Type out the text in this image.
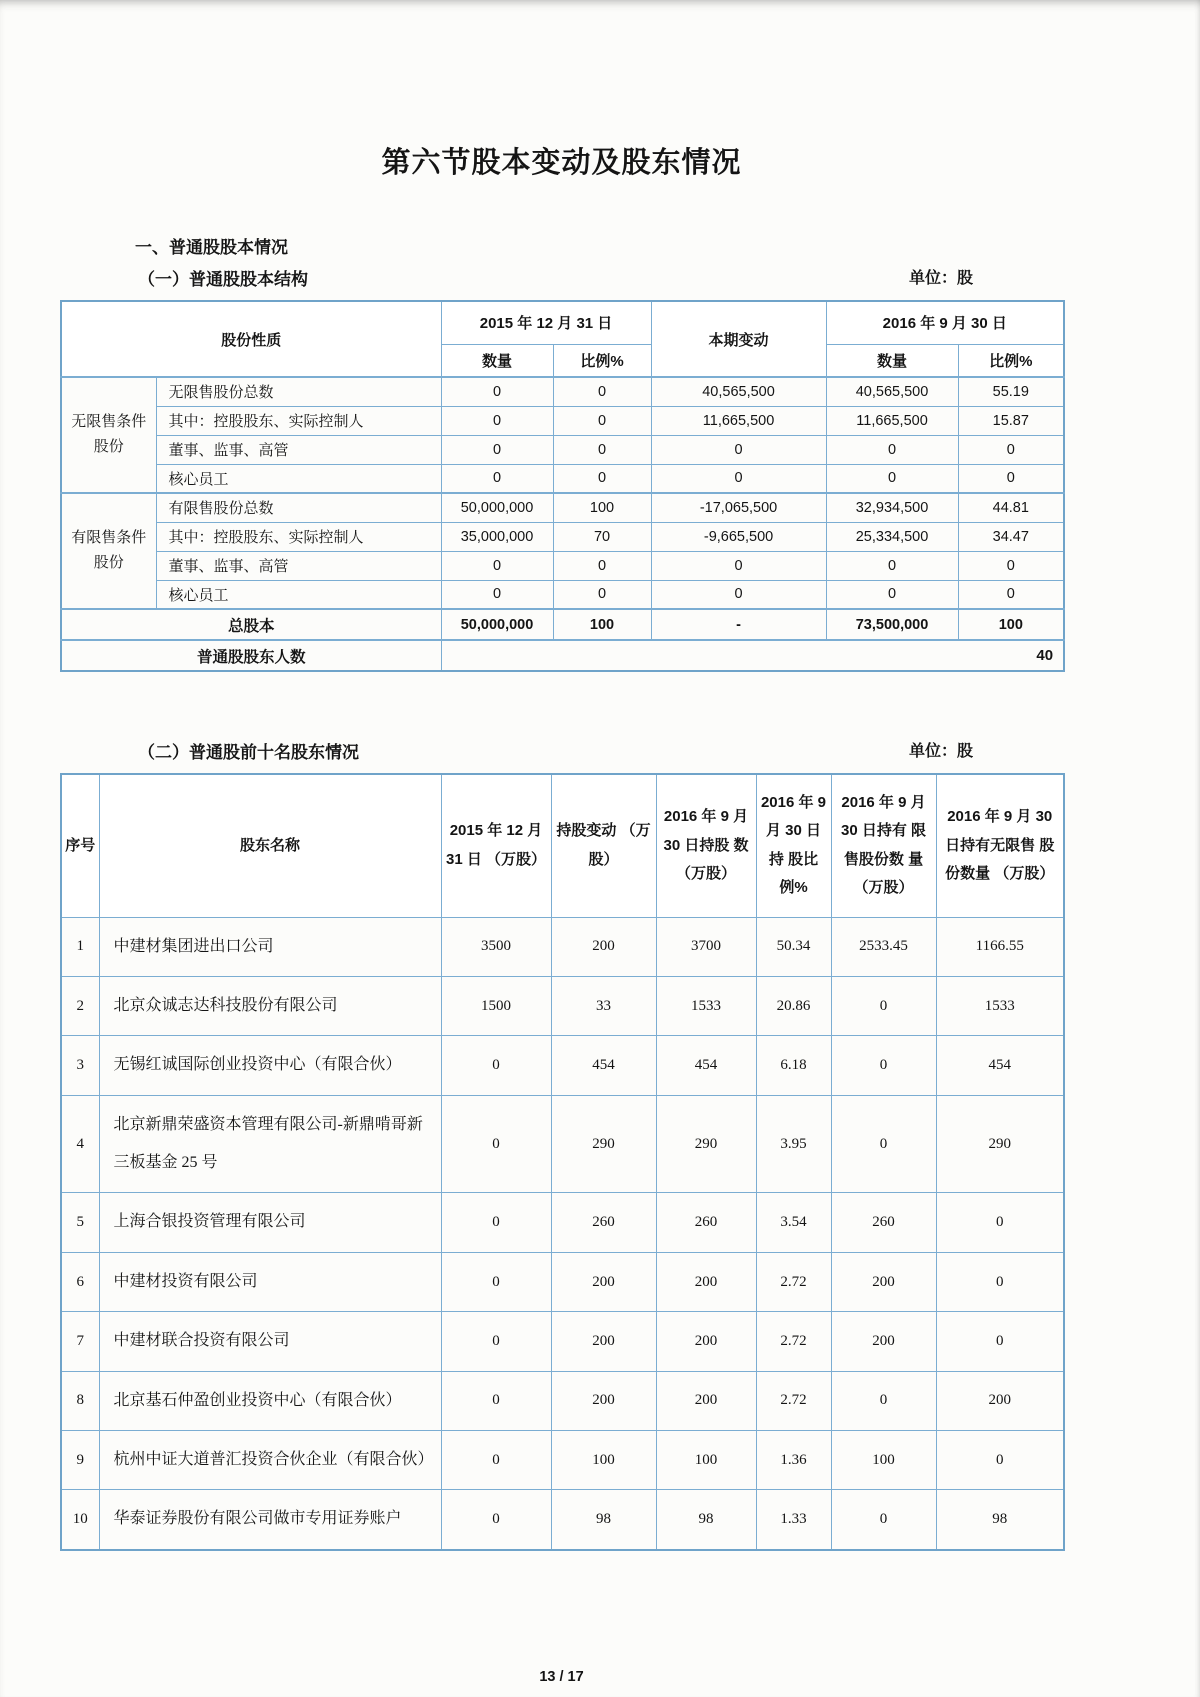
第六节股本变动及股东情况
一、普通股股本情况
（一）普通股股本结构	单位：股
股份性质		2015 年 12 月 31 日		本期变动	2016 年 9 月 30 日	
		数量	比例%		数量	比例%
无限售条件股份	无限售股份总数	0	0	40,565,500	40,565,500	55.19
	其中：控股股东、实际控制人	0	0	11,665,500	11,665,500	15.87
	董事、监事、高管	0	0	0	0	0
	核心员工	0	0	0	0	0
有限售条件股份	有限售股份总数	50,000,000	100	-17,065,500	32,934,500	44.81
	其中：控股股东、实际控制人	35,000,000	70	-9,665,500	25,334,500	34.47
	董事、监事、高管	0	0	0	0	0
	核心员工	0	0	0	0	0
总股本		50,000,000	100	-	73,500,000	100
普通股股东人数		40				
（二）普通股前十名股东情况	单位：股
序号	股东名称	2015 年 12 月 31 日 （万股）	持股变动 （万股）	2016 年 9 月 30 日持股 数（万股）	2016 年 9 月 30 日持 股比例%	2016 年 9 月 30 日持有 限售股份数 量 （万股）	2016 年 9 月 30 日持有无限售 股份数量 （万股）
1	中建材集团进出口公司	3500	200	3700	50.34	2533.45	1166.55
2	北京众诚志达科技股份有限公司	1500	33	1533	20.86	0	1533
3	无锡红诚国际创业投资中心（有限合伙）	0	454	454	6.18	0	454
4	北京新鼎荣盛资本管理有限公司-新鼎啃哥新三板基金 25 号	0	290	290	3.95	0	290
5	上海合银投资管理有限公司	0	260	260	3.54	260	0
6	中建材投资有限公司	0	200	200	2.72	200	0
7	中建材联合投资有限公司	0	200	200	2.72	200	0
8	北京基石仲盈创业投资中心（有限合伙）	0	200	200	2.72	0	200
9	杭州中证大道普汇投资合伙企业（有限合伙）	0	100	100	1.36	100	0
10	华泰证券股份有限公司做市专用证券账户	0	98	98	1.33	0	98
13 / 17
